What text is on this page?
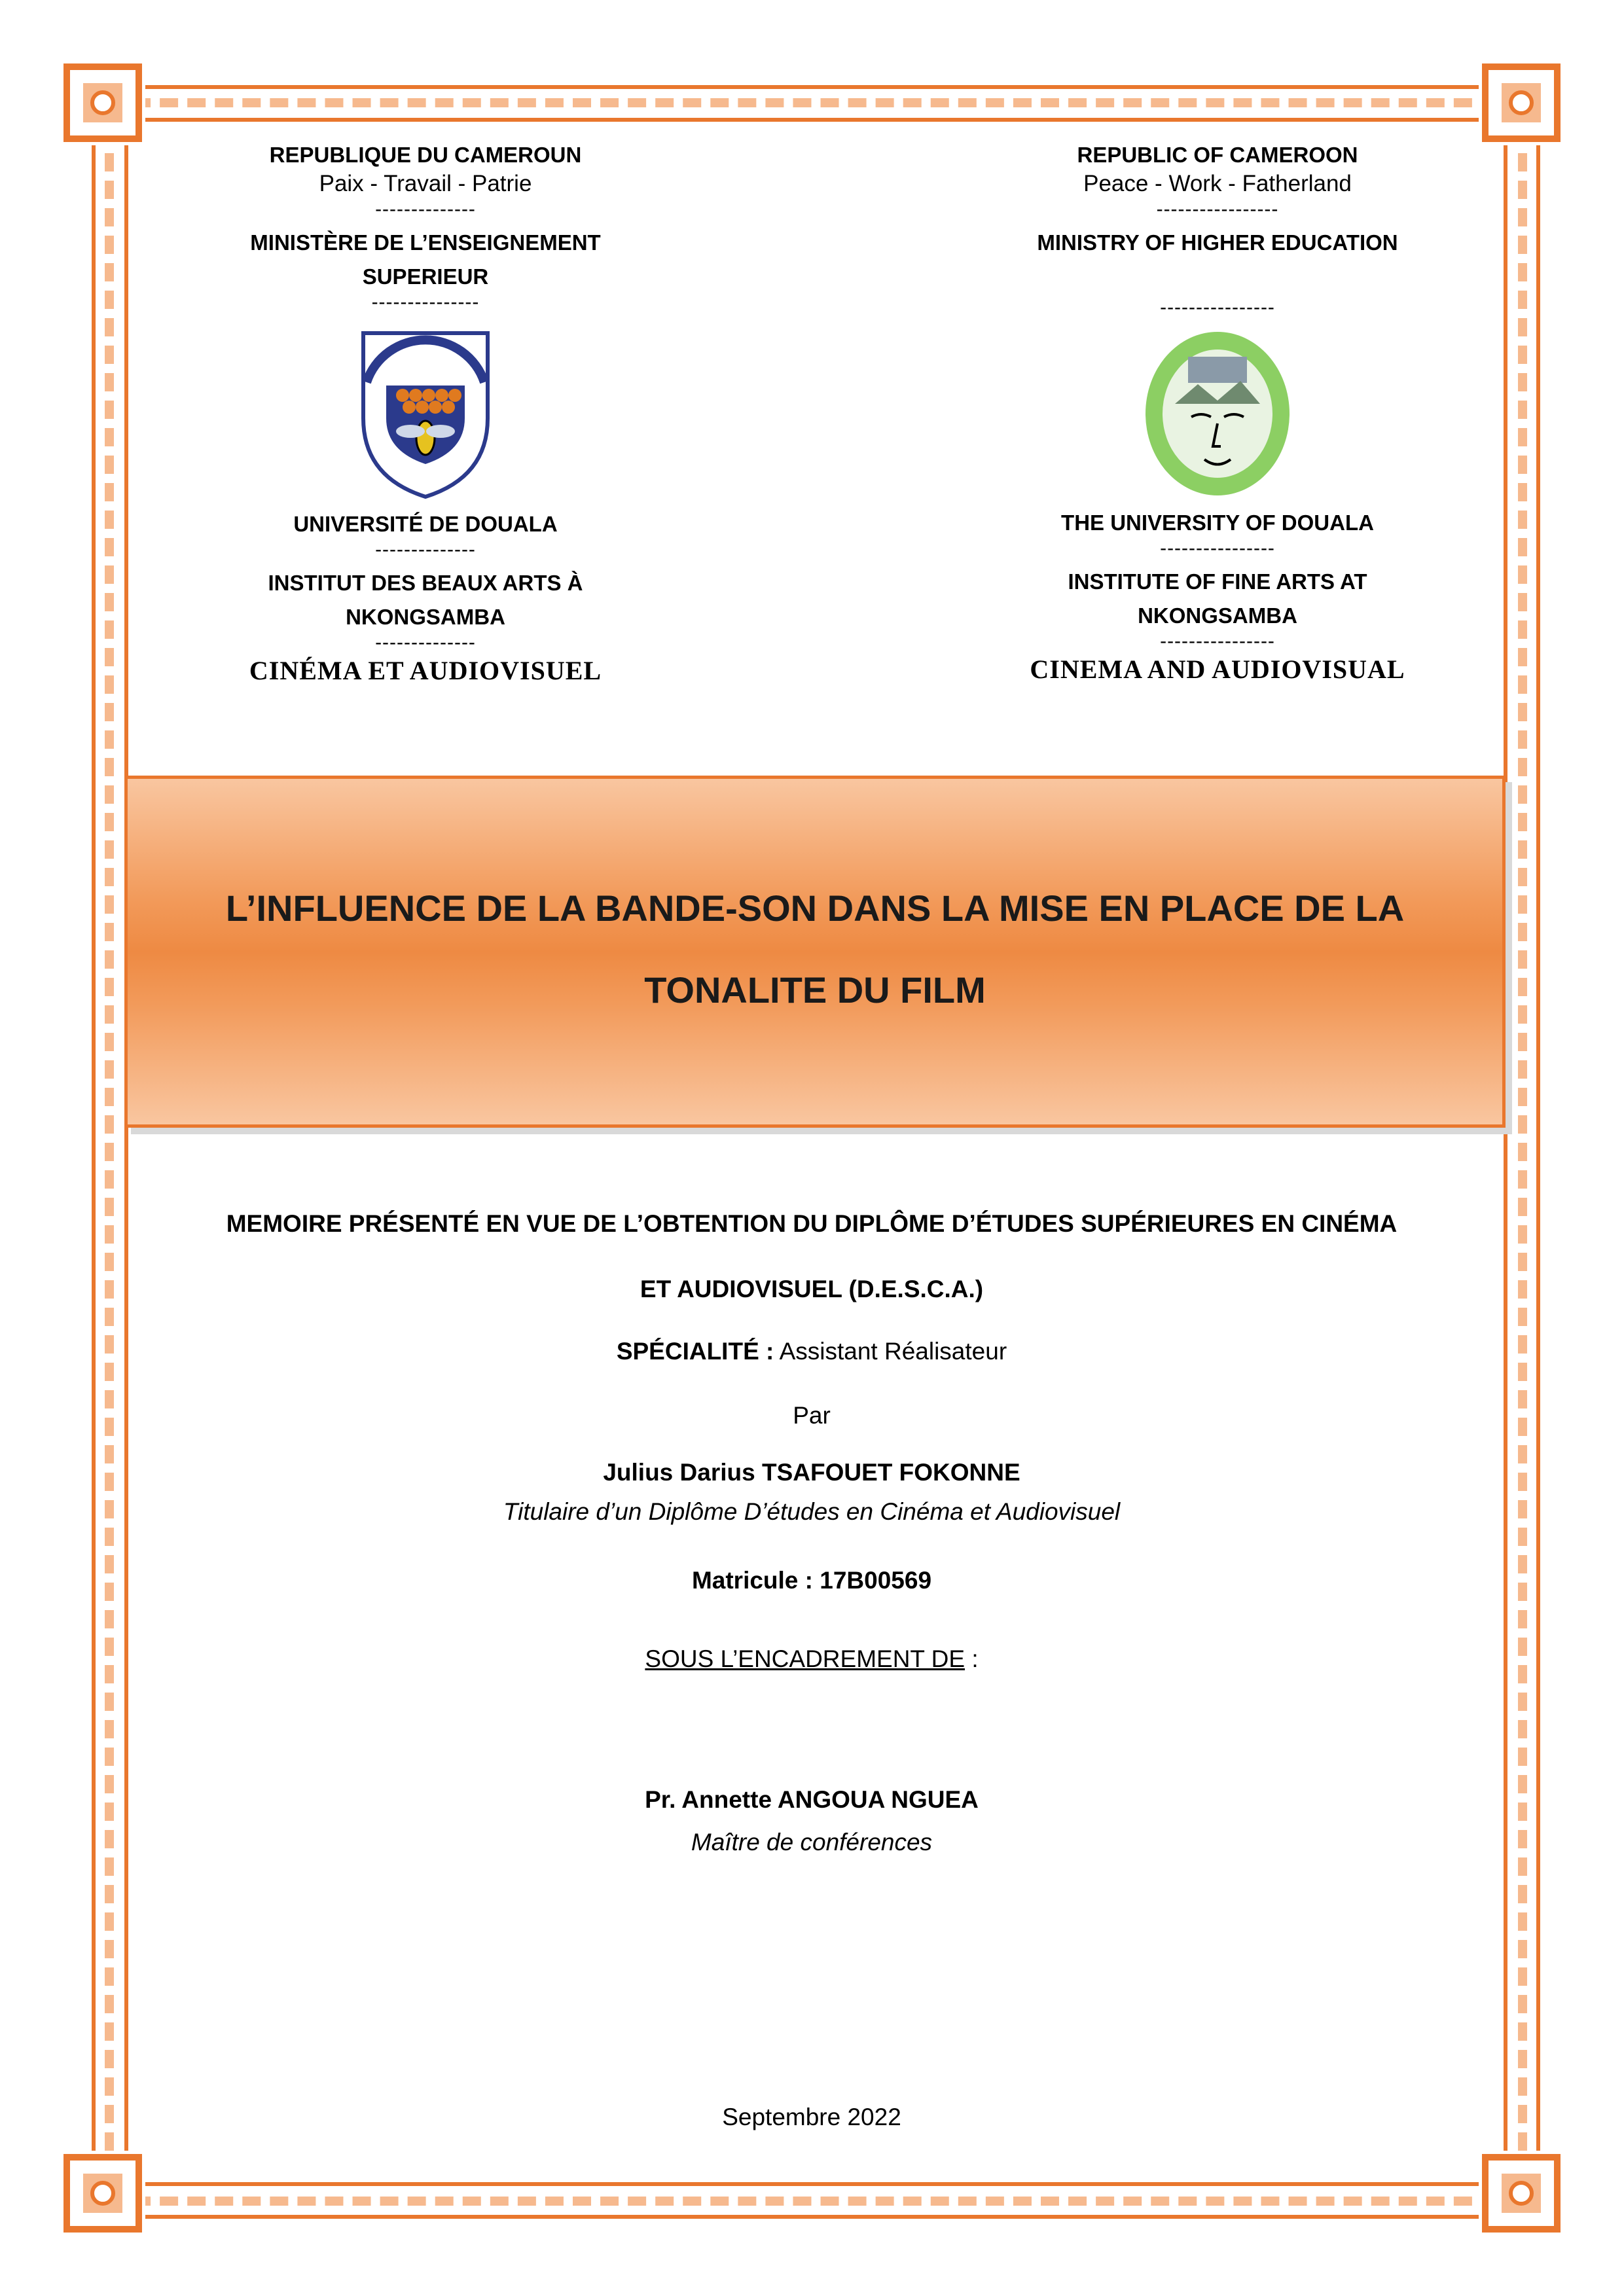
REPUBLIQUE DU CAMEROUN
Paix - Travail - Patrie
--------------
MINISTÈRE DE L’ENSEIGNEMENT
SUPERIEUR
---------------
UNIVERSITÉ DE DOUALA
--------------
INSTITUT DES BEAUX ARTS À
NKONGSAMBA
--------------
CINÉMA ET AUDIOVISUEL
REPUBLIC OF CAMEROON
Peace - Work - Fatherland
-----------------
MINISTRY OF HIGHER EDUCATION
----------------
THE UNIVERSITY OF DOUALA
----------------
INSTITUTE OF FINE ARTS AT
NKONGSAMBA
----------------
CINEMA AND AUDIOVISUAL
L’INFLUENCE DE LA BANDE-SON DANS LA MISE EN PLACE DE LA
TONALITE DU FILM
MEMOIRE PRÉSENTÉ EN VUE DE L’OBTENTION DU DIPLÔME D’ÉTUDES SUPÉRIEURES EN CINÉMA
ET AUDIOVISUEL (D.E.S.C.A.)
SPÉCIALITÉ : Assistant Réalisateur
Par
Julius Darius TSAFOUET FOKONNE
Titulaire d’un Diplôme D’études en Cinéma et Audiovisuel
Matricule : 17B00569
SOUS L’ENCADREMENT DE :
Pr. Annette ANGOUA NGUEA
Maître de conférences
Septembre 2022
